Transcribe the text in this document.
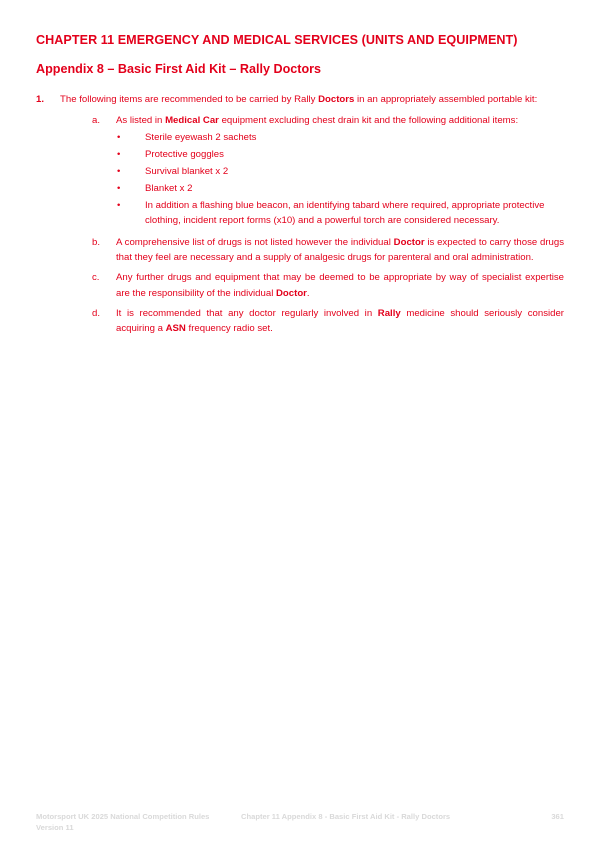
CHAPTER 11 EMERGENCY AND MEDICAL SERVICES (UNITS AND EQUIPMENT)
Appendix 8 – Basic First Aid Kit – Rally Doctors
1.	The following items are recommended to be carried by Rally Doctors in an appropriately assembled portable kit:
a.	As listed in Medical Car equipment excluding chest drain kit and the following additional items:
•	Sterile eyewash 2 sachets
•	Protective goggles
•	Survival blanket x 2
•	Blanket x 2
•	In addition a flashing blue beacon, an identifying tabard where required, appropriate protective clothing, incident report forms (x10) and a powerful torch are considered necessary.
b.	A comprehensive list of drugs is not listed however the individual Doctor is expected to carry those drugs that they feel are necessary and a supply of analgesic drugs for parenteral and oral administration.
c.	Any further drugs and equipment that may be deemed to be appropriate by way of specialist expertise are the responsibility of the individual Doctor.
d.	It is recommended that any doctor regularly involved in Rally medicine should seriously consider acquiring a ASN frequency radio set.
Motorsport UK 2025 National Competition Rules
Version 11
Chapter 11 Appendix 8 - Basic First Aid Kit - Rally Doctors	361
